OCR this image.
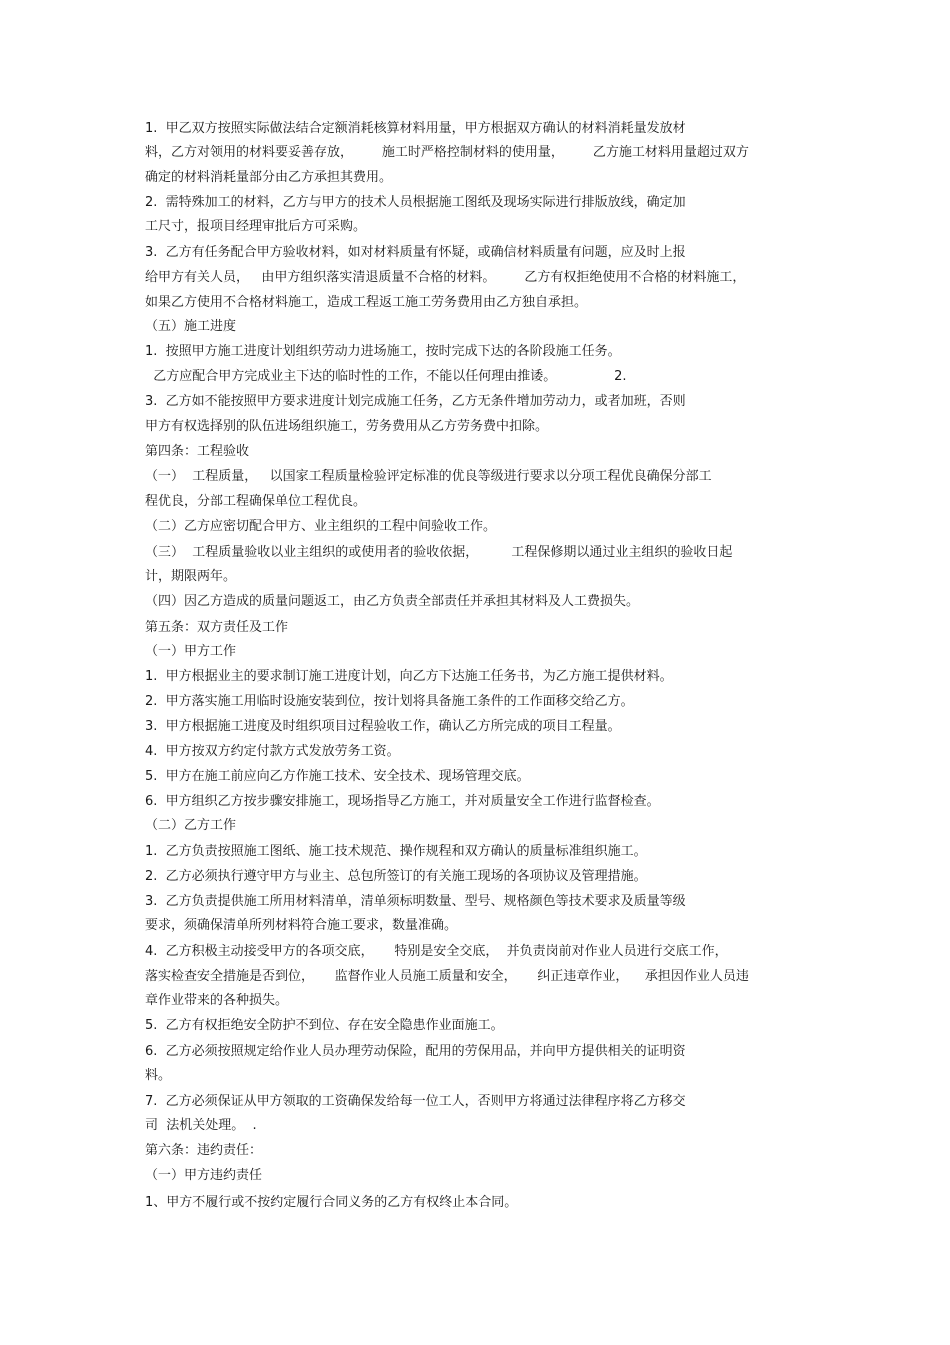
1.  甲乙双方按照实际做法结合定额消耗核算材料用量，甲方根据双方确认的材料消耗量发放材
料，乙方对领用的材料要妥善存放，       施工时严格控制材料的使用量，       乙方施工材料用量超过双方
确定的材料消耗量部分由乙方承担其费用。
2.  需特殊加工的材料，乙方与甲方的技术人员根据施工图纸及现场实际进行排版放线，确定加
工尺寸，报项目经理审批后方可采购。
3.  乙方有任务配合甲方验收材料，如对材料质量有怀疑，或确信材料质量有问题，应及时上报
给甲方有关人员，   由甲方组织落实清退质量不合格的材料。       乙方有权拒绝使用不合格的材料施工，
如果乙方使用不合格材料施工，造成工程返工施工劳务费用由乙方独自承担。
（五）施工进度
1.  按照甲方施工进度计划组织劳动力进场施工，按时完成下达的各阶段施工任务。
乙方应配合甲方完成业主下达的临时性的工作，不能以任何理由推诿。              2.
3.  乙方如不能按照甲方要求进度计划完成施工任务，乙方无条件增加劳动力，或者加班，否则
甲方有权选择别的队伍进场组织施工，劳务费用从乙方劳务费中扣除。
第四条：工程验收
（一）  工程质量，   以国家工程质量检验评定标准的优良等级进行要求以分项工程优良确保分部工
程优良，分部工程确保单位工程优良。
（二）乙方应密切配合甲方、业主组织的工程中间验收工作。
（三）  工程质量验收以业主组织的或使用者的验收依据，        工程保修期以通过业主组织的验收日起
计，期限两年。
（四）因乙方造成的质量问题返工，由乙方负责全部责任并承担其材料及人工费损失。
第五条：双方责任及工作
（一）甲方工作
1.  甲方根据业主的要求制订施工进度计划，向乙方下达施工任务书，为乙方施工提供材料。
2.  甲方落实施工用临时设施安装到位，按计划将具备施工条件的工作面移交给乙方。
3.  甲方根据施工进度及时组织项目过程验收工作，确认乙方所完成的项目工程量。
4.  甲方按双方约定付款方式发放劳务工资。
5.  甲方在施工前应向乙方作施工技术、安全技术、现场管理交底。
6.  甲方组织乙方按步骤安排施工，现场指导乙方施工，并对质量安全工作进行监督检查。
（二）乙方工作
1.  乙方负责按照施工图纸、施工技术规范、操作规程和双方确认的质量标准组织施工。
2.  乙方必须执行遵守甲方与业主、总包所签订的有关施工现场的各项协议及管理措施。
3.  乙方负责提供施工所用材料清单，清单须标明数量、型号、规格颜色等技术要求及质量等级
要求，须确保清单所列材料符合施工要求，数量准确。
4.  乙方积极主动接受甲方的各项交底，     特别是安全交底，  并负责岗前对作业人员进行交底工作，
落实检查安全措施是否到位，     监督作业人员施工质量和安全，     纠正违章作业，    承担因作业人员违
章作业带来的各种损失。
5.  乙方有权拒绝安全防护不到位、存在安全隐患作业面施工。
6.  乙方必须按照规定给作业人员办理劳动保险，配用的劳保用品，并向甲方提供相关的证明资
料。
7.  乙方必须保证从甲方领取的工资确保发给每一位工人，否则甲方将通过法律程序将乙方移交
司  法机关处理。  .
第六条：违约责任：
（一）甲方违约责任
1、甲方不履行或不按约定履行合同义务的乙方有权终止本合同。
